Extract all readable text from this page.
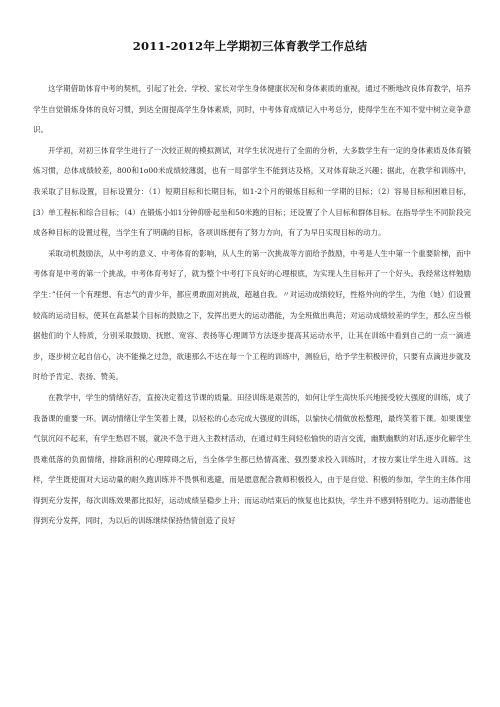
2011-2012年上学期初三体育教学工作总结

这学期借助体育中考的契机，引起了社会、学校、家长对学生身体健康状况和身体素质的重视，通过不断地改良体育教学，培养学生自觉锻炼身体的良好习惯，到达全面提高学生身体素质，同时，中考体育成绩记入中考总分，使得学生在不知不觉中树立竞争意识。

开学初，对初三体育学生进行了一次较正规的模拟测试，对学生状况进行了全面的分析，大多数学生有一定的身体素质及体育锻炼习惯，总体成绩较差，800和1o00米成绩较薄弱，也有一局部学生不能到达及格，又对体育缺乏兴趣；据此，在教学和训练中，我采取了目标设置，目标设置分：（1）短期目标和长期目标，如1-2个月的锻炼目标和一学期的目标；（2）容易目标和困难目标，[3）单工程标和综合目标；（4）在锻炼小如1分钟仰卧起坐和50米跑的目标；还设置了个人目标和群体目标。在指导学生不同阶段完成各种目标的设置过程，当学生有了明确的目标，各项训练便有了努力方向，有了为早日实现目标的动力。

采取动机鼓励法，从中考的意义、中考体育的影响，从人生的第一次挑战等方面给予鼓励，中考是人生中第一个重要阶梯，而中考体育是中考的第一个挑战，中考体育考好了，就为整个中考打下良好的心理根底，为实现人生目标开了一个好头。我经常这样勉励学生：”任何一个有理想、有志气的青少年，都应勇敢面对挑战，超越自我。〃对运动成绩较好，性格外向的学生，为他（她）们设置较高的运动目标，使其在高悬某个目标的鼓励之下，发挥出更大的运动潜能，为全班做出典范；对运动成绩较差的学生，那么应当根据他们的个人特质，分别采取鼓励、抚慰、宽容、表扬等心理调节方法逐步提高其运动水平，让其在训练中看到自己的一点一滴进步，逐步树立起自信心，决不能操之过急，欲速那么不达在每一个工程的训练中，测验后，给予学生积极评价，只要有点滴进步就及时给予肯定、表扬、赞美。

在教学中，学生的情绪好否，直接决定着这节课的质量。田径训练是艰苦的，如何让学生高快乐兴地接受较大强度的训练，成了我备课的重要一环。调动情绪让学生笑着上课，以轻松的心态完成大强度的训练，以愉快心情做放松整理，最终笑着下课。如果课堂气氛沉闷不起来，有学生愁眉不展，就决不急于进入主教材活动，在通过师生间轻松愉快的语言交流，幽默幽默的对话,逐步化解学生畏难低落的负面情绪，排除消积的心理障碍之后，当全体学生都已热情高涨、强烈要求投入训练时，才按方案让学生进入训练。这样，学生既使面对大运动量的耐久跑训练并不畏惧和逃避，而是愿意配合教师积极投入，由于是自觉、积极的参加，学生的主体作用得到充分发挥，每次训练效果都比拟好，运动成绩呈稳步上升；而运动结束后的恢复也比拟快，学生并不感到特别吃力。运动潜能也得到充分发挥，同时，为以后的训练继续保持热情创造了良好
